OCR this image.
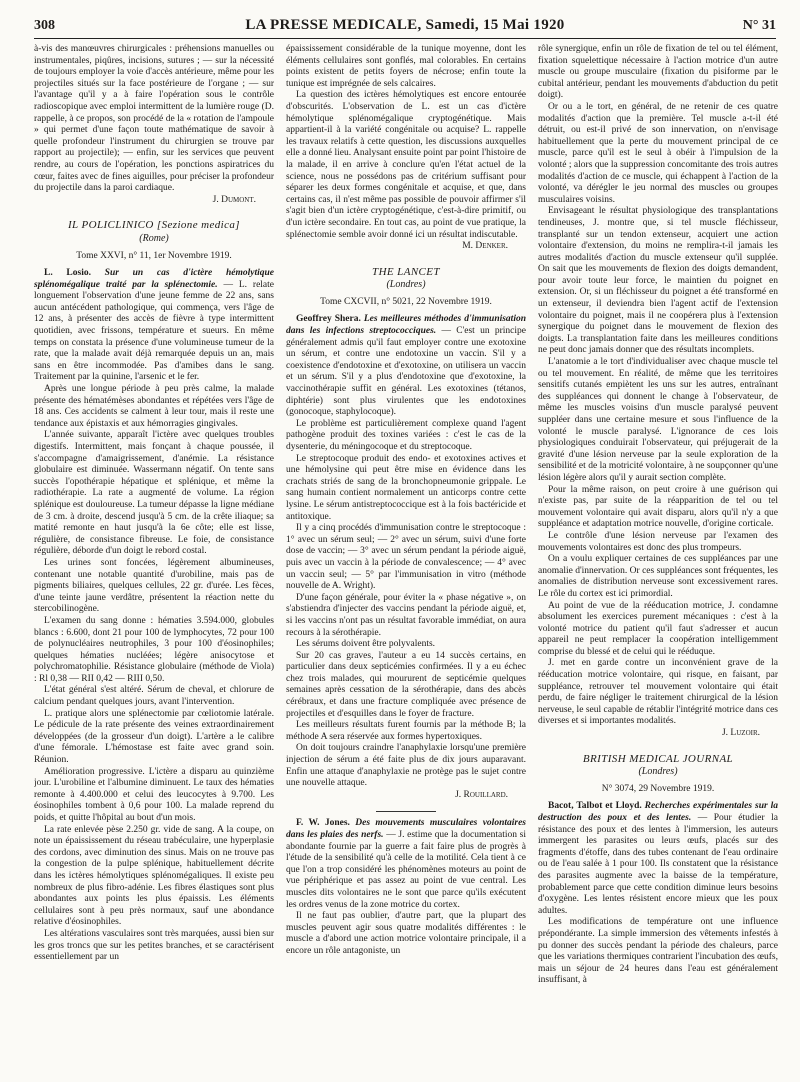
308	LA PRESSE MEDICALE, Samedi, 15 Mai 1920	N° 31

à-vis des manœuvres chirurgicales : préhensions manuelles ou instrumentales, piqûres, incisions, sutures ; — sur la nécessité de toujours employer la voie d'accès antérieure, même pour les projectiles situés sur la face postérieure de l'organe ; — sur l'avantage qu'il y a à faire l'opération sous le contrôle radioscopique avec emploi intermittent de la lumière rouge (D. rappelle, à ce propos, son procédé de la « rotation de l'ampoule » qui permet d'une façon toute mathématique de savoir à quelle profondeur l'instrument du chirurgien se trouve par rapport au projectile); — enfin, sur les services que peuvent rendre, au cours de l'opération, les ponctions aspiratrices du cœur, faites avec de fines aiguilles, pour préciser la profondeur du projectile dans la paroi cardiaque.

J. Dumont.

IL POLICLINICO [Sezione medica]

(Rome)

Tome XXVI, n° 11, 1er Novembre 1919.

L. Losio. Sur un cas d'ictère hémolytique splénomégalique traité par la splénectomie. — L. relate longuement l'observation d'une jeune femme de 22 ans, sans aucun antécédent pathologique, qui commença, vers l'âge de 12 ans, à présenter des accès de fièvre à type intermittent quotidien, avec frissons, température et sueurs. En même temps on constata la présence d'une volumineuse tumeur de la rate, que la malade avait déjà remarquée depuis un an, mais sans en être incommodée. Pas d'amibes dans le sang. Traitement par la quinine, l'arsenic et le fer.

Après une longue période à peu près calme, la malade présente des hématémèses abondantes et répétées vers l'âge de 18 ans. Ces accidents se calment à leur tour, mais il reste une tendance aux épistaxis et aux hémorragies gingivales.

L'année suivante, apparaît l'ictère avec quelques troubles digestifs. Intermittent, mais fonçant à chaque poussée, il s'accompagne d'amaigrissement, d'anémie. La résistance globulaire est diminuée. Wassermann négatif. On tente sans succès l'opothérapie hépatique et splénique, et même la radiothérapie. La rate a augmenté de volume. La région splénique est douloureuse. La tumeur dépasse la ligne médiane de 3 cm. à droite, descend jusqu'à 5 cm. de la crête iliaque; sa matité remonte en haut jusqu'à la 6e côte; elle est lisse, régulière, de consistance fibreuse. Le foie, de consistance régulière, déborde d'un doigt le rebord costal.

Les urines sont foncées, légèrement albumineuses, contenant une notable quantité d'urobiline, mais pas de pigments biliaires, quelques cellules, 22 gr. d'urée. Les fèces, d'une teinte jaune verdâtre, présentent la réaction nette du stercobilinogène.

L'examen du sang donne : hématies 3.594.000, globules blancs : 6.600, dont 21 pour 100 de lymphocytes, 72 pour 100 de polynucléaires neutrophiles, 3 pour 100 d'éosinophiles; quelques hématies nucléées; légère anisocytose et polychromatophilie. Résistance globulaire (méthode de Viola) : Rl 0,38 — RII 0,42 — RIII 0,50.

L'état général s'est altéré. Sérum de cheval, et chlorure de calcium pendant quelques jours, avant l'intervention.

L. pratique alors une splénectomie par cœliotomie latérale. Le pédicule de la rate présente des veines extraordinairement développées (de la grosseur d'un doigt). L'artère a le calibre d'une fémorale. L'hémostase est faite avec grand soin. Réunion.

Amélioration progressive. L'ictère a disparu au quinzième jour. L'urobiline et l'albumine diminuent. Le taux des hématies remonte à 4.400.000 et celui des leucocytes à 9.700. Les éosinophiles tombent à 0,6 pour 100. La malade reprend du poids, et quitte l'hôpital au bout d'un mois.

La rate enlevée pèse 2.250 gr. vide de sang. A la coupe, on note un épaississement du réseau trabéculaire, une hyperplasie des cordons, avec diminution des sinus. Mais on ne trouve pas la congestion de la pulpe splénique, habituellement décrite dans les ictères hémolytiques splénomégaliques. Il existe peu nombreux de plus fibro-adénie. Les fibres élastiques sont plus abondantes aux points les plus épaissis. Les éléments cellulaires sont à peu près normaux, sauf une abondance relative d'éosinophiles.

Les altérations vasculaires sont très marquées, aussi bien sur les gros troncs que sur les petites branches, et se caractérisent essentiellement par un

épaississement considérable de la tunique moyenne, dont les éléments cellulaires sont gonflés, mal colorables. En certains points existent de petits foyers de nécrose; enfin toute la tunique est imprégnée de sels calcaires.

La question des ictères hémolytiques est encore entourée d'obscurités. L'observation de L. est un cas d'ictère hémolytique splénomégalique cryptogénétique. Mais appartient-il à la variété congénitale ou acquise? L. rappelle les travaux relatifs à cette question, les discussions auxquelles elle a donné lieu. Analysant ensuite point par point l'histoire de la malade, il en arrive à conclure qu'en l'état actuel de la science, nous ne possédons pas de critérium suffisant pour séparer les deux formes congénitale et acquise, et que, dans certains cas, il n'est même pas possible de pouvoir affirmer s'il s'agit bien d'un ictère cryptogénétique, c'est-à-dire primitif, ou d'un ictère secondaire. En tout cas, au point de vue pratique, la splénectomie semble avoir donné ici un résultat indiscutable.

M. Denker.

THE LANCET

(Londres)

Tome CXCVII, n° 5021, 22 Novembre 1919.

Geoffrey Shera. Les meilleures méthodes d'immunisation dans les infections streptococciques. — C'est un principe généralement admis qu'il faut employer contre une exotoxine un sérum, et contre une endotoxine un vaccin. S'il y a coexistence d'endotoxine et d'exotoxine, on utilisera un vaccin et un sérum. S'il y a plus d'endotoxine que d'exotoxine, la vaccinothérapie suffit en général. Les exotoxines (tétanos, diphtérie) sont plus virulentes que les endotoxines (gonocoque, staphylocoque).

Le problème est particulièrement complexe quand l'agent pathogène produit des toxines variées : c'est le cas de la dysenterie, du méningocoque et du streptocoque.

Le streptocoque produit des endo- et exotoxines actives et une hémolysine qui peut être mise en évidence dans les crachats striés de sang de la bronchopneumonie grippale. Le sang humain contient normalement un anticorps contre cette lysine. Le sérum antistreptococcique est à la fois bactéricide et antitoxique.

Il y a cinq procédés d'immunisation contre le streptocoque : 1° avec un sérum seul; — 2° avec un sérum, suivi d'une forte dose de vaccin; — 3° avec un sérum pendant la période aiguë, puis avec un vaccin à la période de convalescence; — 4° avec un vaccin seul; — 5° par l'immunisation in vitro (méthode nouvelle de A. Wright).

D'une façon générale, pour éviter la « phase négative », on s'abstiendra d'injecter des vaccins pendant la période aiguë, et, si les vaccins n'ont pas un résultat favorable immédiat, on aura recours à la sérothérapie.

Les sérums doivent être polyvalents.

Sur 20 cas graves, l'auteur a eu 14 succès certains, en particulier dans deux septicémies confirmées. Il y a eu échec chez trois malades, qui moururent de septicémie quelques semaines après cessation de la sérothérapie, dans des abcès cérébraux, et dans une fracture compliquée avec présence de projectiles et d'esquilles dans le foyer de fracture.

Les meilleurs résultats furent fournis par la méthode B; la méthode A sera réservée aux formes hypertoxiques.

On doit toujours craindre l'anaphylaxie lorsqu'une première injection de sérum a été faite plus de dix jours auparavant. Enfin une attaque d'anaphylaxie ne protège pas le sujet contre une nouvelle attaque.

J. Rouillard.

F. W. Jones. Des mouvements musculaires volontaires dans les plaies des nerfs. — J. estime que la documentation si abondante fournie par la guerre a fait faire plus de progrès à l'étude de la sensibilité qu'à celle de la motilité. Cela tient à ce que l'on a trop considéré les phénomènes moteurs au point de vue périphérique et pas assez au point de vue central. Les muscles dits volontaires ne le sont que parce qu'ils exécutent les ordres venus de la zone motrice du cortex.

Il ne faut pas oublier, d'autre part, que la plupart des muscles peuvent agir sous quatre modalités différentes : le muscle a d'abord une action motrice volontaire principale, il a encore un rôle antagoniste, un

rôle synergique, enfin un rôle de fixation de tel ou tel élément, fixation squelettique nécessaire à l'action motrice d'un autre muscle ou groupe musculaire (fixation du pisiforme par le cubital antérieur, pendant les mouvements d'abduction du petit doigt).

Or ou a le tort, en général, de ne retenir de ces quatre modalités d'action que la première. Tel muscle a-t-il été détruit, ou est-il privé de son innervation, on n'envisage habituellement que la perte du mouvement principal de ce muscle, parce qu'il est le seul à obéir à l'impulsion de la volonté ; alors que la suppression concomitante des trois autres modalités d'action de ce muscle, qui échappent à l'action de la volonté, va dérégler le jeu normal des muscles ou groupes musculaires voisins.

Envisageant le résultat physiologique des transplantations tendineuses, J. montre que, si tel muscle fléchisseur, transplanté sur un tendon extenseur, acquiert une action volontaire d'extension, du moins ne remplira-t-il jamais les autres modalités d'action du muscle extenseur qu'il supplée. On sait que les mouvements de flexion des doigts demandent, pour avoir toute leur force, le maintien du poignet en extension. Or, si un fléchisseur du poignet a été transformé en un extenseur, il deviendra bien l'agent actif de l'extension volontaire du poignet, mais il ne coopérera plus à l'extension synergique du poignet dans le mouvement de flexion des doigts. La transplantation faite dans les meilleures conditions ne peut donc jamais donner que des résultats incomplets.

L'anatomie a le tort d'individualiser avec chaque muscle tel ou tel mouvement. En réalité, de même que les territoires sensitifs cutanés empiètent les uns sur les autres, entraînant des suppléances qui donnent le change à l'observateur, de même les muscles voisins d'un muscle paralysé peuvent suppléer dans une certaine mesure et sous l'influence de la volonté le muscle paralysé. L'ignorance de ces lois physiologiques conduirait l'observateur, qui préjugerait de la gravité d'une lésion nerveuse par la seule exploration de la sensibilité et de la motricité volontaire, à ne soupçonner qu'une lésion légère alors qu'il y aurait section complète.

Pour la même raison, on peut croire à une guérison qui n'existe pas, par suite de la réapparition de tel ou tel mouvement volontaire qui avait disparu, alors qu'il n'y a que suppléance et adaptation motrice nouvelle, d'origine corticale.

Le contrôle d'une lésion nerveuse par l'examen des mouvements volontaires est donc des plus trompeurs.

On a voulu expliquer certaines de ces suppléances par une anomalie d'innervation. Or ces suppléances sont fréquentes, les anomalies de distribution nerveuse sont excessivement rares. Le rôle du cortex est ici primordial.

Au point de vue de la rééducation motrice, J. condamne absolument les exercices purement mécaniques : c'est à la volonté motrice du patient qu'il faut s'adresser et aucun appareil ne peut remplacer la coopération intelligemment comprise du blessé et de celui qui le rééduque.

J. met en garde contre un inconvénient grave de la rééducation motrice volontaire, qui risque, en faisant, par suppléance, retrouver tel mouvement volontaire qui était perdu, de faire négliger le traitement chirurgical de la lésion nerveuse, le seul capable de rétablir l'intégrité motrice dans ces diverses et si importantes modalités.

J. Luzoir.

BRITISH MEDICAL JOURNAL

(Londres)

N° 3074, 29 Novembre 1919.

Bacot, Talbot et Lloyd. Recherches expérimentales sur la destruction des poux et des lentes. — Pour étudier la résistance des poux et des lentes à l'immersion, les auteurs immergent les parasites ou leurs œufs, placés sur des fragments d'étoffe, dans des tubes contenant de l'eau ordinaire ou de l'eau salée à 1 pour 100. Ils constatent que la résistance des parasites augmente avec la baisse de la température, probablement parce que cette condition diminue leurs besoins d'oxygène. Les lentes résistent encore mieux que les poux adultes.

Les modifications de température ont une influence prépondérante. La simple immersion des vêtements infestés à pu donner des succès pendant la période des chaleurs, parce que les variations thermiques contrarient l'incubation des œufs, mais un séjour de 24 heures dans l'eau est généralement insuffisant, à
